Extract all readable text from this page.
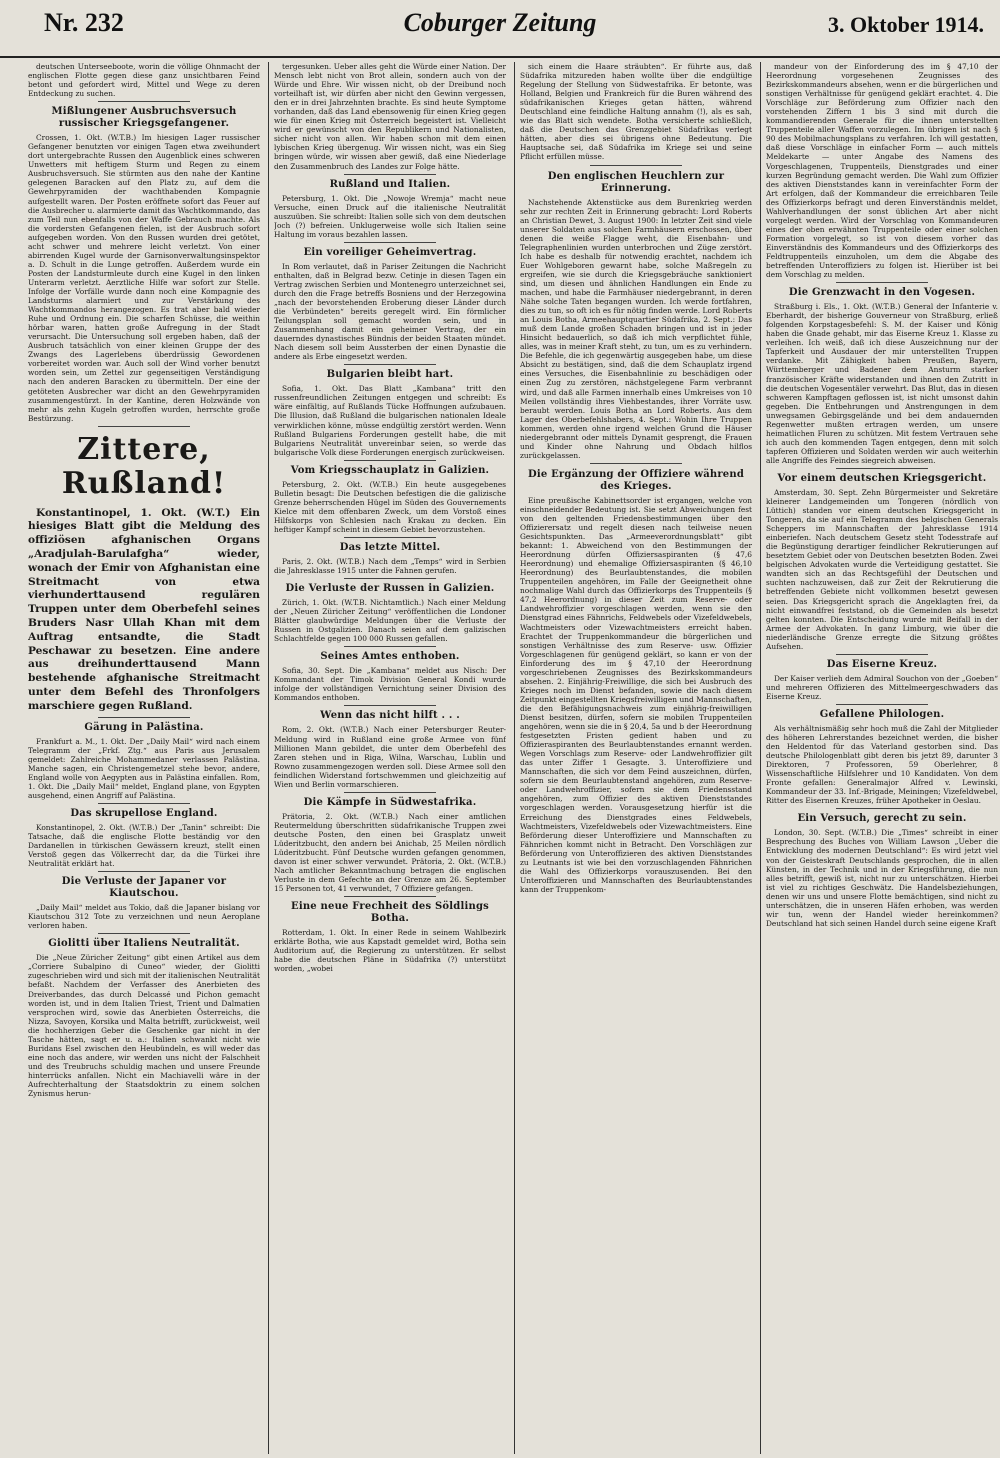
Nr. 232	Coburger Zeitung	3. Oktober 1914.

deutschen Unterseeboote, worin die völlige Ohnmacht der englischen Flotte gegen diese ganz unsichtbaren Feind betont und gefordert wird, Mittel und Wege zu deren Entdeckung zu suchen.

Mißlungener Ausbruchsversuch russischer Kriegsgefangener.

Crossen, 1. Okt. (W.T.B.) Im hiesigen Lager russischer Gefangener benutzten vor einigen Tagen etwa zweihundert dort untergebrachte Russen den Augenblick eines schweren Unwetters mit heftigem Sturm und Regen zu einem Ausbruchsversuch. Sie stürmten aus den nahe der Kantine gelegenen Baracken auf den Platz zu, auf dem die Gewehrpyramiden der wachthabenden Kompagnie aufgestellt waren. Der Posten eröffnete sofort das Feuer auf die Ausbrecher u. alarmierte damit das Wachtkommando, das zum Teil nun ebenfalls von der Waffe Gebrauch machte. Als die vordersten Gefangenen fielen, ist der Ausbruch sofort aufgegeben worden. Von den Russen wurden drei getötet, acht schwer und mehrere leicht verletzt. Von einer abirrenden Kugel wurde der Garnisonverwaltungsinspektor a. D. Schult in die Lunge getroffen. Außerdem wurde ein Posten der Landsturmleute durch eine Kugel in den linken Unterarm verletzt. Aerztliche Hilfe war sofort zur Stelle. Infolge der Vorfälle wurde dann noch eine Kompagnie des Landsturms alarmiert und zur Verstärkung des Wachtkommandos herangezogen. Es trat aber bald wieder Ruhe und Ordnung ein. Die scharfen Schüsse, die weithin hörbar waren, hatten große Aufregung in der Stadt verursacht. Die Untersuchung soll ergeben haben, daß der Ausbruch tatsächlich von einer kleinen Gruppe der des Zwangs des Lagerlebens überdrüssig Gewordenen vorbereitet worden war. Auch soll der Wind vorher benutzt worden sein, um Zettel zur gegenseitigen Verständigung nach den anderen Baracken zu übermitteln. Der eine der getöteten Ausbrecher war dicht an den Gewehrpyramiden zusammengestürzt. In der Kantine, deren Holzwände von mehr als zehn Kugeln getroffen wurden, herrschte große Bestürzung.

Zittere, Rußland!

Konstantinopel, 1. Okt. (W.T.) Ein hiesiges Blatt gibt die Meldung des offiziösen afghanischen Organs „Aradjulah-Barulafgha“ wieder, wonach der Emir von Afghanistan eine Streitmacht von etwa vierhunderttausend regulären Truppen unter dem Oberbefehl seines Bruders Nasr Ullah Khan mit dem Auftrag entsandte, die Stadt Peschawar zu besetzen. Eine andere aus dreihunderttausend Mann bestehende afghanische Streitmacht unter dem Befehl des Thronfolgers marschiere gegen Rußland.

Gärung in Palästina.

Frankfurt a. M., 1. Okt. Der „Daily Mail“ wird nach einem Telegramm der „Frkf. Ztg.“ aus Paris aus Jerusalem gemeldet: Zahlreiche Mohammedaner verlassen Palästina. Manche sagen, ein Christengemetzel stehe bevor, andere, England wolle von Aegypten aus in Palästina einfallen. Rom, 1. Okt. Die „Daily Mail“ meldet, England plane, von Egypten ausgehend, einen Angriff auf Palästina.

Das skrupellose England.

Konstantinopel, 2. Okt. (W.T.B.) Der „Tanin“ schreibt: Die Tatsache, daß die englische Flotte beständig vor den Dardanellen in türkischen Gewässern kreuzt, stellt einen Verstoß gegen das Völkerrecht dar, da die Türkei ihre Neutralität erklärt hat.

Die Verluste der Japaner vor Kiautschou.

„Daily Mail“ meldet aus Tokio, daß die Japaner bislang vor Kiautschou 312 Tote zu verzeichnen und neun Aeroplane verloren haben.

Giolitti über Italiens Neutralität.

Die „Neue Züricher Zeitung“ gibt einen Artikel aus dem „Corriere Subalpino di Cuneo“ wieder, der Giolitti zugeschrieben wird und sich mit der italienischen Neutralität befaßt. Nachdem der Verfasser des Anerbieten des Dreiverbandes, das durch Delcassé und Pichon gemacht worden ist, und in dem Italien Triest, Trient und Dalmatien versprochen wird, sowie das Anerbieten Österreichs, die Nizza, Savoyen, Korsika und Malta betrifft, zurückweist, weil die hochherzigen Geber die Geschenke gar nicht in der Tasche hätten, sagt er u. a.: Italien schwankt nicht wie Buridans Esel zwischen den Heubündeln, es will weder das eine noch das andere, wir werden uns nicht der Falschheit und des Treubruchs schuldig machen und unsere Freunde hinterrücks anfallen. Nicht ein Machiavelli wäre in der Aufrechterhaltung der Staatsdoktrin zu einem solchen Zynismus herun-

tergesunken. Ueber alles geht die Würde einer Nation. Der Mensch lebt nicht von Brot allein, sondern auch von der Würde und Ehre. Wir wissen nicht, ob der Dreibund noch vorteilhaft ist, wir dürfen aber nicht den Gewinn vergessen, den er in drei Jahrzehnten brachte. Es sind heute Symptome vorhanden, daß das Land ebensowenig für einen Krieg gegen wie für einen Krieg mit Österreich begeistert ist. Vielleicht wird er gewünscht von den Republikern und Nationalisten, sicher nicht von allen. Wir haben schon mit dem einen lybischen Krieg übergenug. Wir wissen nicht, was ein Sieg bringen würde, wir wissen aber gewiß, daß eine Niederlage den Zusammenbruch des Landes zur Folge hätte.

Rußland und Italien.

Petersburg, 1. Okt. Die „Nowoje Wremja“ macht neue Versuche, einen Druck auf die italienische Neutralität auszuüben. Sie schreibt: Italien solle sich von dem deutschen Joch (?) befreien. Unklugerweise wolle sich Italien seine Haltung im voraus bezahlen lassen.

Ein voreiliger Geheimvertrag.

In Rom verlautet, daß in Pariser Zeitungen die Nachricht enthalten, daß in Belgrad bezw. Cetinje in diesen Tagen ein Vertrag zwischen Serbien und Montenegro unterzeichnet sei, durch den die Frage betreffs Bosniens und der Herzegowina „nach der bevorstehenden Eroberung dieser Länder durch die Verbündeten“ bereits geregelt wird. Ein förmlicher Teilungsplan soll gemacht worden sein, und in Zusammenhang damit ein geheimer Vertrag, der ein dauerndes dynastisches Bündnis der beiden Staaten mündet. Nach diesem soll beim Aussterben der einen Dynastie die andere als Erbe eingesetzt werden.

Bulgarien bleibt hart.

Sofia, 1. Okt. Das Blatt „Kambana“ tritt den russenfreundlichen Zeitungen entgegen und schreibt: Es wäre einfältig, auf Rußlands Tücke Hoffnungen aufzubauen. Die Illusion, daß Rußland die bulgarischen nationalen Ideale verwirklichen könne, müsse endgültig zerstört werden. Wenn Rußland Bulgariens Forderungen gestellt habe, die mit Bulgariens Neutralität unvereinbar seien, so werde das bulgarische Volk diese Forderungen energisch zurückweisen.

Vom Kriegsschauplatz in Galizien.

Petersburg, 2. Okt. (W.T.B.) Ein heute ausgegebenes Bulletin besagt: Die Deutschen befestigen die die galizische Grenze beherrschenden Hügel im Süden des Gouvernements Kielce mit dem offenbaren Zweck, um dem Vorstoß eines Hilfskorps von Schlesien nach Krakau zu decken. Ein heftiger Kampf scheint in diesem Gebiet bevorzustehen.

Das letzte Mittel.

Paris, 2. Okt. (W.T.B.) Nach dem „Temps“ wird in Serbien die Jahresklasse 1915 unter die Fahnen gerufen.

Die Verluste der Russen in Galizien.

Zürich, 1. Okt. (W.T.B. Nichtamtlich.) Nach einer Meldung der „Neuen Züricher Zeitung“ veröffentlichen die Londoner Blätter glaubwürdige Meldungen über die Verluste der Russen in Ostgalizien. Danach seien auf dem galizischen Schlachtfelde gegen 100 000 Russen gefallen.

Seines Amtes enthoben.

Sofia, 30. Sept. Die „Kambana“ meldet aus Nisch: Der Kommandant der Timok Division General Kondi wurde infolge der vollständigen Vernichtung seiner Division des Kommandos enthoben.

Wenn das nicht hilft . . .

Rom, 2. Okt. (W.T.B.) Nach einer Petersburger Reuter-Meldung wird in Rußland eine große Armee von fünf Millionen Mann gebildet, die unter dem Oberbefehl des Zaren stehen und in Riga, Wilna, Warschau, Lublin und Rowno zusammengezogen werden soll. Diese Armee soll den feindlichen Widerstand fortschwemmen und gleichzeitig auf Wien und Berlin vormarschieren.

Die Kämpfe in Südwestafrika.

Prätoria, 2. Okt. (W.T.B.) Nach einer amtlichen Reutermeldung überschritten südafrikanische Truppen zwei deutsche Posten, den einen bei Grasplatz unweit Lüderitzbucht, den andern bei Anichab, 25 Meilen nördlich Lüderitzbucht. Fünf Deutsche wurden gefangen genommen, davon ist einer schwer verwundet. Prätoria, 2. Okt. (W.T.B.) Nach amtlicher Bekanntmachung betragen die englischen Verluste in dem Gefechte an der Grenze am 26. September 15 Personen tot, 41 verwundet, 7 Offiziere gefangen.

Eine neue Frechheit des Söldlings Botha.

Rotterdam, 1. Okt. In einer Rede in seinem Wahlbezirk erklärte Botha, wie aus Kapstadt gemeldet wird, Botha sein Auditorium auf, die Regierung zu unterstützen. Er selbst habe die deutschen Pläne in Südafrika (?) unterstützt worden, „wobei

sich einem die Haare sträubten“. Er führte aus, daß Südafrika mitzureden haben wollte über die endgültige Regelung der Stellung von Südwestafrika. Er betonte, was Holland, Belgien und Frankreich für die Buren während des südafrikanischen Krieges getan hätten, während Deutschland eine feindliche Haltung annahm (!), als es sah, wie das Blatt sich wendete. Botha versicherte schließlich, daß die Deutschen das Grenzgebiet Südafrikas verlegt hätten, aber dies sei übrigens ohne Bedeutung. Die Hauptsache sei, daß Südafrika im Kriege sei und seine Pflicht erfüllen müsse.

Den englischen Heuchlern zur Erinnerung.

Nachstehende Aktenstücke aus dem Burenkrieg werden sehr zur rechten Zeit in Erinnerung gebracht: Lord Roberts an Christian Dewet, 3. August 1900: In letzter Zeit sind viele unserer Soldaten aus solchen Farmhäusern erschossen, über denen die weiße Flagge weht, die Eisenbahn- und Telegraphenlinien wurden unterbrochen und Züge zerstört. Ich habe es deshalb für notwendig erachtet, nachdem ich Euer Wohlgeboren gewarnt habe, solche Maßregeln zu ergreifen, wie sie durch die Kriegsgebräuche sanktioniert sind, um diesen und ähnlichen Handlungen ein Ende zu machen, und habe die Farmhäuser niedergebrannt, in deren Nähe solche Taten begangen wurden. Ich werde fortfahren, dies zu tun, so oft ich es für nötig finden werde. Lord Roberts an Louis Botha, Armeehauptquartier Südafrika, 2. Sept.: Das muß dem Lande großen Schaden bringen und ist in jeder Hinsicht bedauerlich, so daß ich mich verpflichtet fühle, alles, was in meiner Kraft steht, zu tun, um es zu verhindern. Die Befehle, die ich gegenwärtig ausgegeben habe, um diese Absicht zu bestätigen, sind, daß die dem Schauplatz irgend eines Versuches, die Eisenbahnlinie zu beschädigen oder einen Zug zu zerstören, nächstgelegene Farm verbrannt wird, und daß alle Farmen innerhalb eines Umkreises von 10 Meilen vollständig ihres Viehbestandes, ihrer Vorräte usw. beraubt werden. Louis Botha an Lord Roberts. Aus dem Lager des Oberbefehlshabers, 4. Sept.: Wohin Ihre Truppen kommen, werden ohne irgend welchen Grund die Häuser niedergebrannt oder mittels Dynamit gesprengt, die Frauen und Kinder ohne Nahrung und Obdach hilflos zurückgelassen.

Die Ergänzung der Offiziere während des Krieges.

Eine preußische Kabinettsorder ist ergangen, welche von einschneidender Bedeutung ist. Sie setzt Abweichungen fest von den geltenden Friedensbestimmungen über den Offizierersatz und regelt diesen nach teilweise neuen Gesichtspunkten. Das „Armeeverordnungsblatt“ gibt bekannt: 1. Abweichend von den Bestimmungen der Heerordnung dürfen Offiziersaspiranten (§ 47,6 Heerordnung) und ehemalige Offiziersaspiranten (§ 46,10 Heerordnung) des Beurlaubtenstandes, die mobilen Truppenteilen angehören, im Falle der Geeignetheit ohne nochmalige Wahl durch das Offizierkorps des Truppenteils (§ 47,2 Heerordnung) in dieser Zeit zum Reserve- oder Landwehroffizier vorgeschlagen werden, wenn sie den Dienstgrad eines Fähnrichs, Feldwebels oder Vizefeldwebels, Wachtmeisters oder Vizewachtmeisters erreicht haben. Erachtet der Truppenkommandeur die bürgerlichen und sonstigen Verhältnisse des zum Reserve- usw. Offizier Vorgeschlagenen für genügend geklärt, so kann er von der Einforderung des im § 47,10 der Heerordnung vorgeschriebenen Zeugnisses des Bezirkskommandeurs absehen. 2. Einjährig-Freiwillige, die sich bei Ausbruch des Krieges noch im Dienst befanden, sowie die nach diesem Zeitpunkt eingestellten Kriegsfreiwilligen und Mannschaften, die den Befähigungsnachweis zum einjährig-freiwilligen Dienst besitzen, dürfen, sofern sie mobilen Truppenteilen angehören, wenn sie die in § 20,4, 5a und b der Heerordnung festgesetzten Fristen gedient haben und zu Offizieraspiranten des Beurlaubtenstandes ernannt werden. Wegen Vorschlags zum Reserve- oder Landwehroffizier gilt das unter Ziffer 1 Gesagte. 3. Unteroffiziere und Mannschaften, die sich vor dem Feind auszeichnen, dürfen, sofern sie dem Beurlaubtenstand angehören, zum Reserve- oder Landwehroffizier, sofern sie dem Friedensstand angehören, zum Offizier des aktiven Dienststandes vorgeschlagen werden. Vorausgesetzung hierfür ist die Erreichung des Dienstgrades eines Feldwebels, Wachtmeisters, Vizefeldwebels oder Vizewachtmeisters. Eine Beförderung dieser Unteroffiziere und Mannschaften zu Fähnrichen kommt nicht in Betracht. Den Vorschlägen zur Beförderung von Unteroffizieren des aktiven Dienststandes zu Leutnants ist wie bei den vorzuschlagenden Fähnrichen die Wahl des Offizierkorps vorauszusenden. Bei den Unteroffizieren und Mannschaften des Beurlaubtenstandes kann der Truppenkom-

mandeur von der Einforderung des im § 47,10 der Heerordnung vorgesehenen Zeugnisses des Bezirkskommandeurs absehen, wenn er die bürgerlichen und sonstigen Verhältnisse für genügend geklärt erachtet. 4. Die Vorschläge zur Beförderung zum Offizier nach den vorstehenden Ziffern 1 bis 3 sind mit durch die kommandierenden Generale für die ihnen unterstellten Truppenteile aller Waffen vorzulegen. Im übrigen ist nach § 90 des Mobilmachungsplans zu verfahren. Ich will gestatten, daß diese Vorschläge in einfacher Form — auch mittels Meldekarte — unter Angabe des Namens des Vorgeschlagenen, Truppenteils, Dienstgrades und einer kurzen Begründung gemacht werden. Die Wahl zum Offizier des aktiven Dienststandes kann in vereinfachter Form der Art erfolgen, daß der Kommandeur die erreichbaren Teile des Offizierkorps befragt und deren Einverständnis meldet, Wahlverhandlungen der sonst üblichen Art aber nicht vorgelegt werden. Wird der Vorschlag von Kommandeuren eines der oben erwähnten Truppenteile oder einer solchen Formation vorgelegt, so ist von diesem vorher das Einverständnis des Kommandeurs und des Offizierkorps des Feldtruppenteils einzuholen, um dem die Abgabe des betreffenden Unteroffiziers zu folgen ist. Hierüber ist bei dem Vorschlag zu melden.

Die Grenzwacht in den Vogesen.

Straßburg i. Els., 1. Okt. (W.T.B.) General der Infanterie v. Eberhardt, der bisherige Gouverneur von Straßburg, erließ folgenden Korpstagesbefehl: S. M. der Kaiser und König haben die Gnade gehabt, mir das Eiserne Kreuz 1. Klasse zu verleihen. Ich weiß, daß ich diese Auszeichnung nur der Tapferkeit und Ausdauer der mir unterstellten Truppen verdanke. Mit Zähigkeit haben Preußen, Bayern, Württemberger und Badener dem Ansturm starker französischer Kräfte widerstanden und ihnen den Zutritt in die deutschen Vogesentäler verwehrt. Das Blut, das in diesen schweren Kampftagen geflossen ist, ist nicht umsonst dahin gegeben. Die Entbehrungen und Anstrengungen in dem unwegsamen Gebirgsgelände und bei dem andauernden Regenwetter mußten ertragen werden, um unsere heimatlichen Fluren zu schützen. Mit festem Vertrauen sehe ich auch den kommenden Tagen entgegen, denn mit solch tapferen Offizieren und Soldaten werden wir auch weiterhin alle Angriffe des Feindes siegreich abweisen.

Vor einem deutschen Kriegsgericht.

Amsterdam, 30. Sept. Zehn Bürgermeister und Sekretäre kleinerer Landgemeinden um Tongeren (nördlich von Lüttich) standen vor einem deutschen Kriegsgericht in Tongeren, da sie auf ein Telegramm des belgischen Generals Scheppers im Mannschaften der Jahresklasse 1914 einberiefen. Nach deutschem Gesetz steht Todesstrafe auf die Begünstigung derartiger feindlicher Rekrutierungen auf besetztem Gebiet oder von Deutschen besetzten Boden. Zwei belgischen Advokaten wurde die Verteidigung gestattet. Sie wandten sich an das Rechtsgefühl der Deutschen und suchten nachzuweisen, daß zur Zeit der Rekrutierung die betreffenden Gebiete nicht vollkommen besetzt gewesen seien. Das Kriegsgericht sprach die Angeklagten frei, da nicht einwandfrei feststand, ob die Gemeinden als besetzt gelten konnten. Die Entscheidung wurde mit Beifall in der Armee der Advokaten. In ganz Limburg, wie über die niederländische Grenze erregte die Sitzung größtes Aufsehen.

Das Eiserne Kreuz.

Der Kaiser verlieh dem Admiral Souchon von der „Goeben“ und mehreren Offizieren des Mittelmeergeschwaders das Eiserne Kreuz.

Gefallene Philologen.

Als verhältnismäßig sehr hoch muß die Zahl der Mitglieder des höheren Lehrerstandes bezeichnet werden, die bisher den Heldentod für das Vaterland gestorben sind. Das deutsche Philologenblatt gibt deren bis jetzt 89, darunter 3 Direktoren, 7 Professoren, 59 Oberlehrer, 8 Wissenschaftliche Hilfslehrer und 10 Kandidaten. Von dem Fronte gefallen: Generalmajor Alfred v. Lewinski, Kommandeur der 33. Inf.-Brigade, Meiningen; Vizefeldwebel, Ritter des Eisernen Kreuzes, früher Apotheker in Oeslau.

Ein Versuch, gerecht zu sein.

London, 30. Sept. (W.T.B.) Die „Times“ schreibt in einer Besprechung des Buches von William Lawson „Ueber die Entwicklung des modernen Deutschland“: Es wird jetzt viel von der Geisteskraft Deutschlands gesprochen, die in allen Künsten, in der Technik und in der Kriegsführung, die nun alles betrifft, gewiß ist, nicht nur zu unterschätzen. Hierbei ist viel zu richtiges Geschwätz. Die Handelsbeziehungen, denen wir uns und unsere Flotte bemächtigen, sind nicht zu unterschätzen, die in unseren Häfen erhoben, was werden wir tun, wenn der Handel wieder hereinkommen? Deutschland hat sich seinen Handel durch seine eigene Kraft
